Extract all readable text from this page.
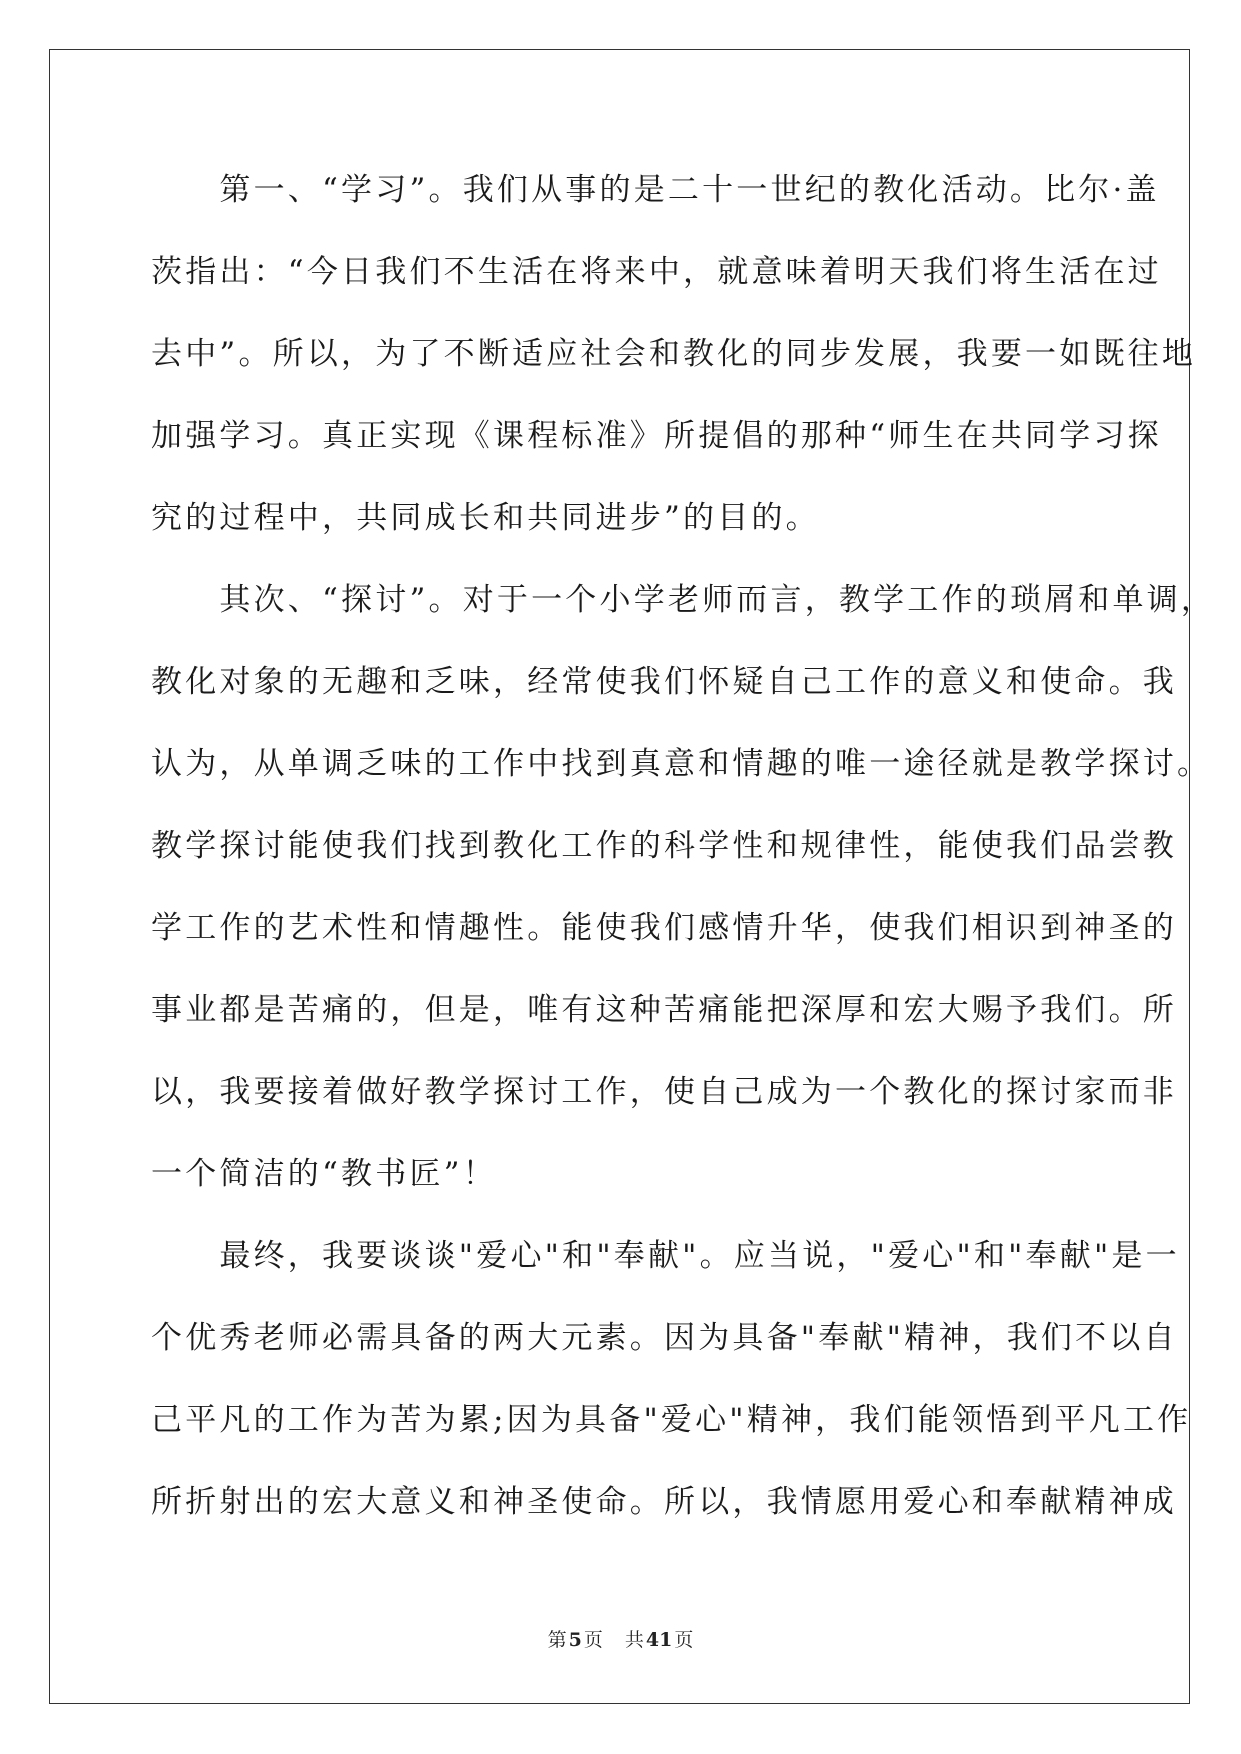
　　第一、“学习”。我们从事的是二十一世纪的教化活动。比尔·盖
茨指出：“今日我们不生活在将来中，就意味着明天我们将生活在过
去中”。所以，为了不断适应社会和教化的同步发展，我要一如既往地
加强学习。真正实现《课程标准》所提倡的那种“师生在共同学习探
究的过程中，共同成长和共同进步”的目的。
　　其次、“探讨”。对于一个小学老师而言，教学工作的琐屑和单调，
教化对象的无趣和乏味，经常使我们怀疑自己工作的意义和使命。我
认为，从单调乏味的工作中找到真意和情趣的唯一途径就是教学探讨。
教学探讨能使我们找到教化工作的科学性和规律性，能使我们品尝教
学工作的艺术性和情趣性。能使我们感情升华，使我们相识到神圣的
事业都是苦痛的，但是，唯有这种苦痛能把深厚和宏大赐予我们。所
以，我要接着做好教学探讨工作，使自己成为一个教化的探讨家而非
一个简洁的“教书匠”！
　　最终，我要谈谈"爱心"和"奉献"。应当说，"爱心"和"奉献"是一
个优秀老师必需具备的两大元素。因为具备"奉献"精神，我们不以自
己平凡的工作为苦为累;因为具备"爱心"精神，我们能领悟到平凡工作
所折射出的宏大意义和神圣使命。所以，我情愿用爱心和奉献精神成
第 5 页 共 41 页
